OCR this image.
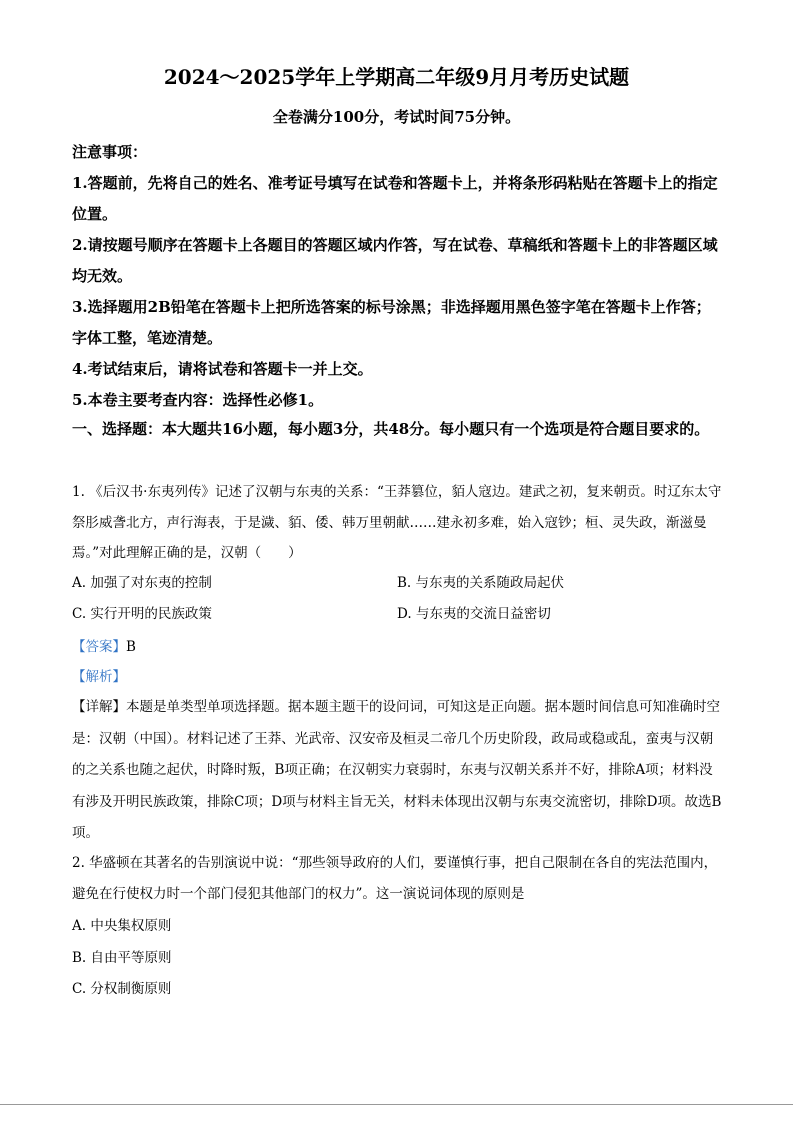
2024～2025学年上学期高二年级9月月考历史试题
全卷满分100分，考试时间75分钟。

注意事项：

1.答题前，先将自己的姓名、准考证号填写在试卷和答题卡上，并将条形码粘贴在答题卡上的指定位置。

2.请按题号顺序在答题卡上各题目的答题区域内作答，写在试卷、草稿纸和答题卡上的非答题区域均无效。

3.选择题用2B铅笔在答题卡上把所选答案的标号涂黑；非选择题用黑色签字笔在答题卡上作答；字体工整，笔迹清楚。

4.考试结束后，请将试卷和答题卡一并上交。

5.本卷主要考查内容：选择性必修1。

一、选择题：本大题共16小题，每小题3分，共48分。每小题只有一个选项是符合题目要求的。

1. 《后汉书·东夷列传》记述了汉朝与东夷的关系：“王莽篡位，貊人寇边。建武之初，复来朝贡。时辽东太守祭肜威詟北方，声行海表，于是濊、貊、倭、韩万里朝献……建永初多难，始入寇钞；桓、灵失政，渐滋曼焉。”对此理解正确的是，汉朝（　　）

A. 加强了对东夷的控制	B. 与东夷的关系随政局起伏
C. 实行开明的民族政策	D. 与东夷的交流日益密切

【答案】B

【解析】

【详解】本题是单类型单项选择题。据本题主题干的设问词，可知这是正向题。据本题时间信息可知准确时空是：汉朝（中国）。材料记述了王莽、光武帝、汉安帝及桓灵二帝几个历史阶段，政局或稳或乱，蛮夷与汉朝的之关系也随之起伏，时降时叛，B项正确；在汉朝实力衰弱时，东夷与汉朝关系并不好，排除A项；材料没有涉及开明民族政策，排除C项；D项与材料主旨无关，材料未体现出汉朝与东夷交流密切，排除D项。故选B项。

2. 华盛顿在其著名的告别演说中说：“那些领导政府的人们，要谨慎行事，把自己限制在各自的宪法范围内，避免在行使权力时一个部门侵犯其他部门的权力”。这一演说词体现的原则是

A. 中央集权原则
B. 自由平等原则
C. 分权制衡原则
